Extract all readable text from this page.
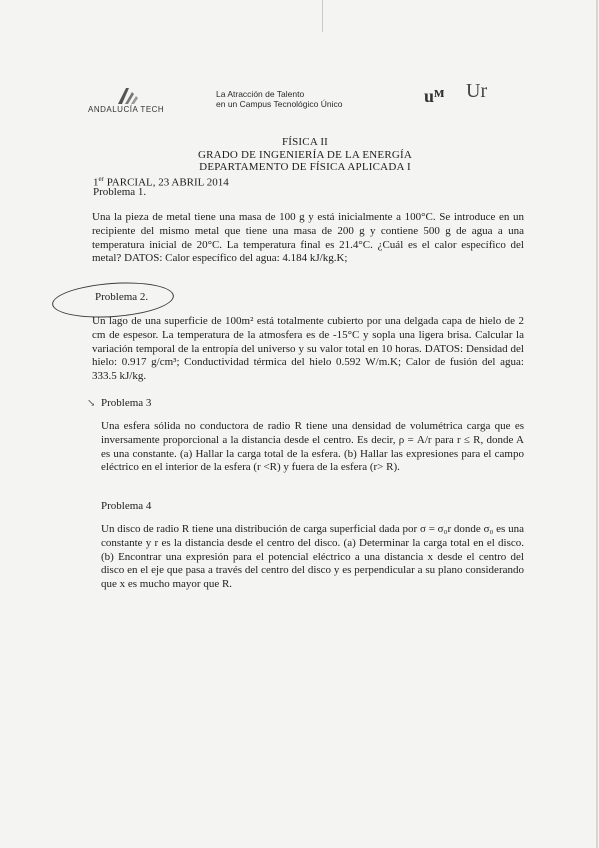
ANDALUCÍA TECH
La Atracción de Talento
en un Campus Tecnológico Único	uᴹ Ur
FÍSICA II
GRADO DE INGENIERÍA DE LA ENERGÍA
DEPARTAMENTO DE FÍSICA APLICADA I
1er PARCIAL, 23 ABRIL 2014
Problema 1.
Una la pieza de metal tiene una masa de 100 g y está inicialmente a 100°C. Se introduce en un recipiente del mismo metal que tiene una masa de 200 g y contiene 500 g de agua a una temperatura inicial de 20°C. La temperatura final es 21.4°C. ¿Cuál es el calor específico del metal? DATOS: Calor específico del agua: 4.184 kJ/kg.K;
Problema 2.
Un lago de una superficie de 100m² está totalmente cubierto por una delgada capa de hielo de 2 cm de espesor. La temperatura de la atmosfera es de -15°C y sopla una ligera brisa. Calcular la variación temporal de la entropía del universo y su valor total en 10 horas. DATOS: Densidad del hielo: 0.917 g/cm³; Conductividad térmica del hielo 0.592 W/m.K; Calor de fusión del agua: 333.5 kJ/kg.
↘ Problema 3
Una esfera sólida no conductora de radio R tiene una densidad de volumétrica carga que es inversamente proporcional a la distancia desde el centro. Es decir, ρ = A/r para r ≤ R, donde A es una constante. (a) Hallar la carga total de la esfera. (b) Hallar las expresiones para el campo eléctrico en el interior de la esfera (r <R) y fuera de la esfera (r> R).
Problema 4
Un disco de radio R tiene una distribución de carga superficial dada por σ = σ₀r donde σ₀ es una constante y r es la distancia desde el centro del disco. (a) Determinar la carga total en el disco. (b) Encontrar una expresión para el potencial eléctrico a una distancia x desde el centro del disco en el eje que pasa a través del centro del disco y es perpendicular a su plano considerando que x es mucho mayor que R.
